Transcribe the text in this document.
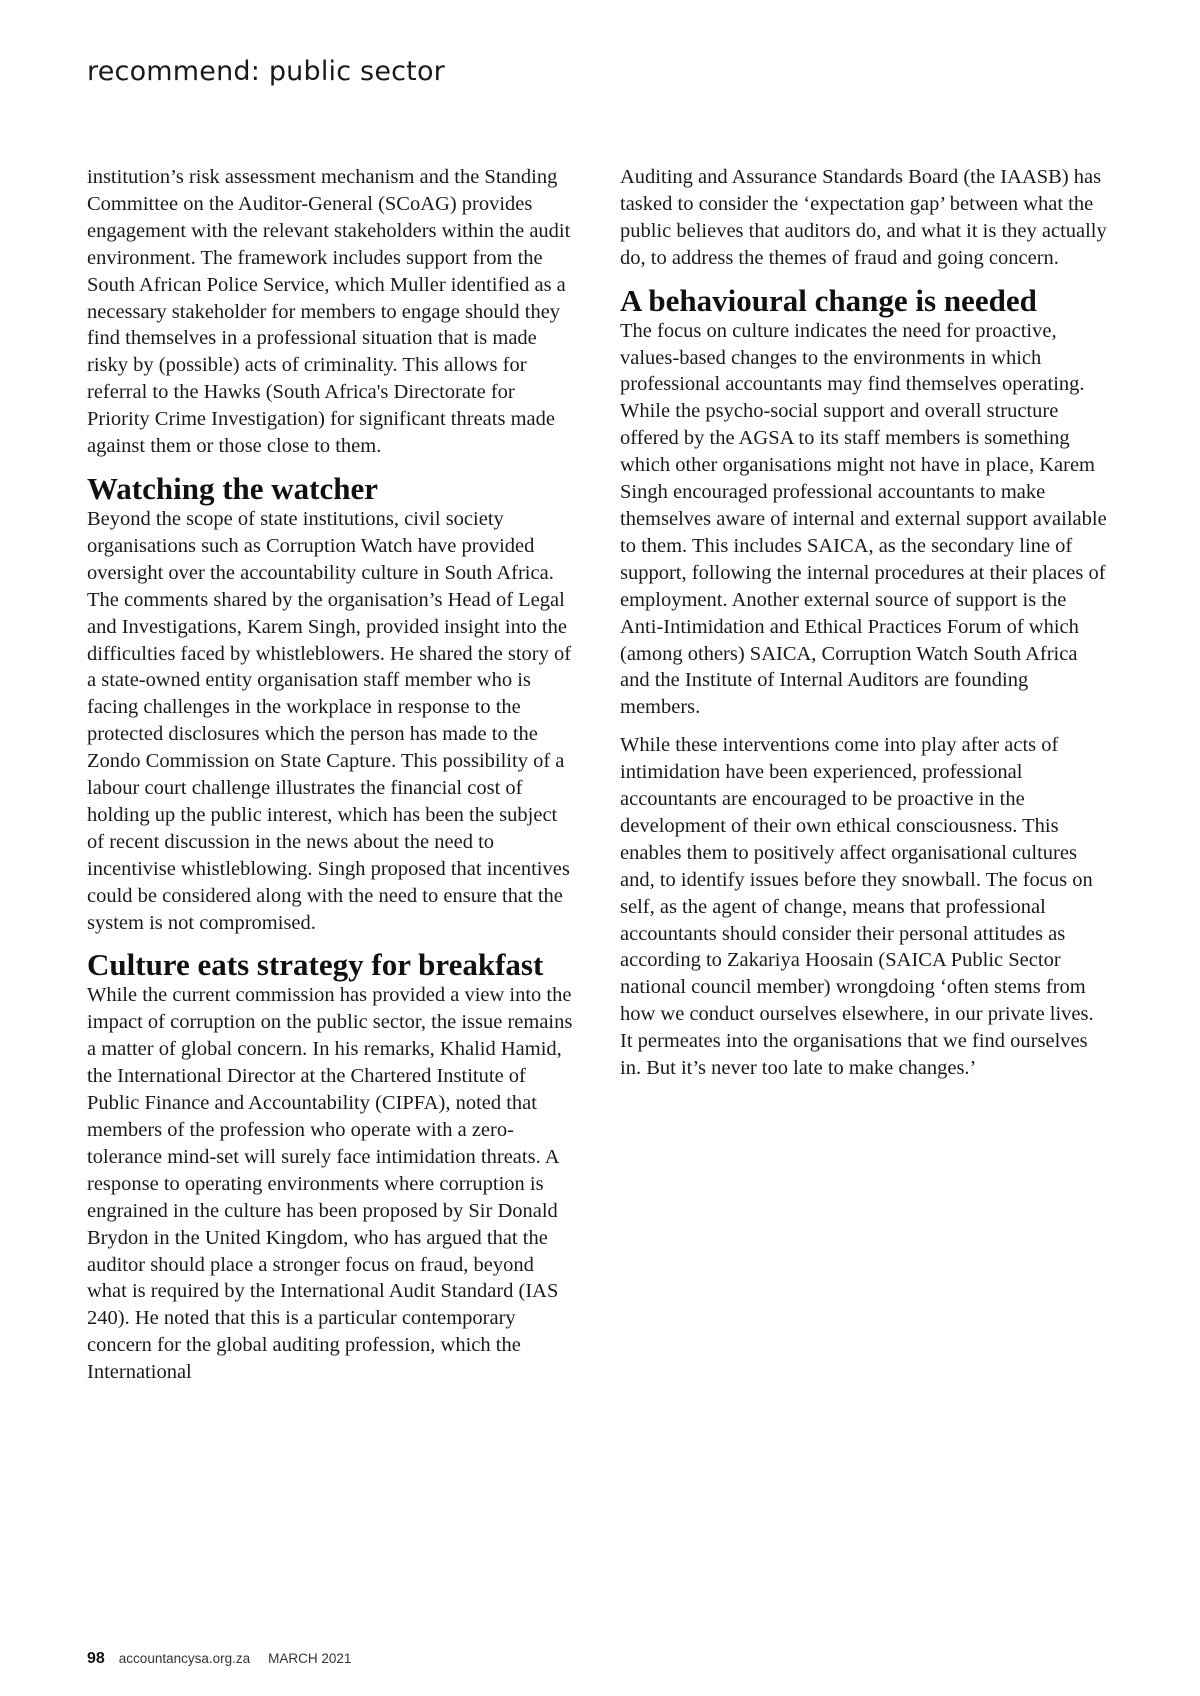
recommend: public sector

institution’s risk assessment mechanism and the Standing Committee on the Auditor-General (SCoAG) provides engagement with the relevant stakeholders within the audit environment. The framework includes support from the South African Police Service, which Muller identified as a necessary stakeholder for members to engage should they find themselves in a professional situation that is made risky by (possible) acts of criminality. This allows for referral to the Hawks (South Africa's Directorate for Priority Crime Investigation) for significant threats made against them or those close to them.

Watching the watcher

Beyond the scope of state institutions, civil society organisations such as Corruption Watch have provided oversight over the accountability culture in South Africa. The comments shared by the organisation’s Head of Legal and Investigations, Karem Singh, provided insight into the difficulties faced by whistleblowers. He shared the story of a state-owned entity organisation staff member who is facing challenges in the workplace in response to the protected disclosures which the person has made to the Zondo Commission on State Capture. This possibility of a labour court challenge illustrates the financial cost of holding up the public interest, which has been the subject of recent discussion in the news about the need to incentivise whistleblowing. Singh proposed that incentives could be considered along with the need to ensure that the system is not compromised.

Culture eats strategy for breakfast

While the current commission has provided a view into the impact of corruption on the public sector, the issue remains a matter of global concern. In his remarks, Khalid Hamid, the International Director at the Chartered Institute of Public Finance and Accountability (CIPFA), noted that members of the profession who operate with a zero-tolerance mind-set will surely face intimidation threats. A response to operating environments where corruption is engrained in the culture has been proposed by Sir Donald Brydon in the United Kingdom, who has argued that the auditor should place a stronger focus on fraud, beyond what is required by the International Audit Standard (IAS 240). He noted that this is a particular contemporary concern for the global auditing profession, which the International

Auditing and Assurance Standards Board (the IAASB) has tasked to consider the ‘expectation gap’ between what the public believes that auditors do, and what it is they actually do, to address the themes of fraud and going concern.

A behavioural change is needed

The focus on culture indicates the need for proactive, values-based changes to the environments in which professional accountants may find themselves operating. While the psycho-social support and overall structure offered by the AGSA to its staff members is something which other organisations might not have in place, Karem Singh encouraged professional accountants to make themselves aware of internal and external support available to them. This includes SAICA, as the secondary line of support, following the internal procedures at their places of employment. Another external source of support is the Anti-Intimidation and Ethical Practices Forum of which (among others) SAICA, Corruption Watch South Africa and the Institute of Internal Auditors are founding members.

While these interventions come into play after acts of intimidation have been experienced, professional accountants are encouraged to be proactive in the development of their own ethical consciousness. This enables them to positively affect organisational cultures and, to identify issues before they snowball. The focus on self, as the agent of change, means that professional accountants should consider their personal attitudes as according to Zakariya Hoosain (SAICA Public Sector national council member) wrongdoing ‘often stems from how we conduct ourselves elsewhere, in our private lives. It permeates into the organisations that we find ourselves in. But it’s never too late to make changes.’

98 accountancysa.org.za MARCH 2021
